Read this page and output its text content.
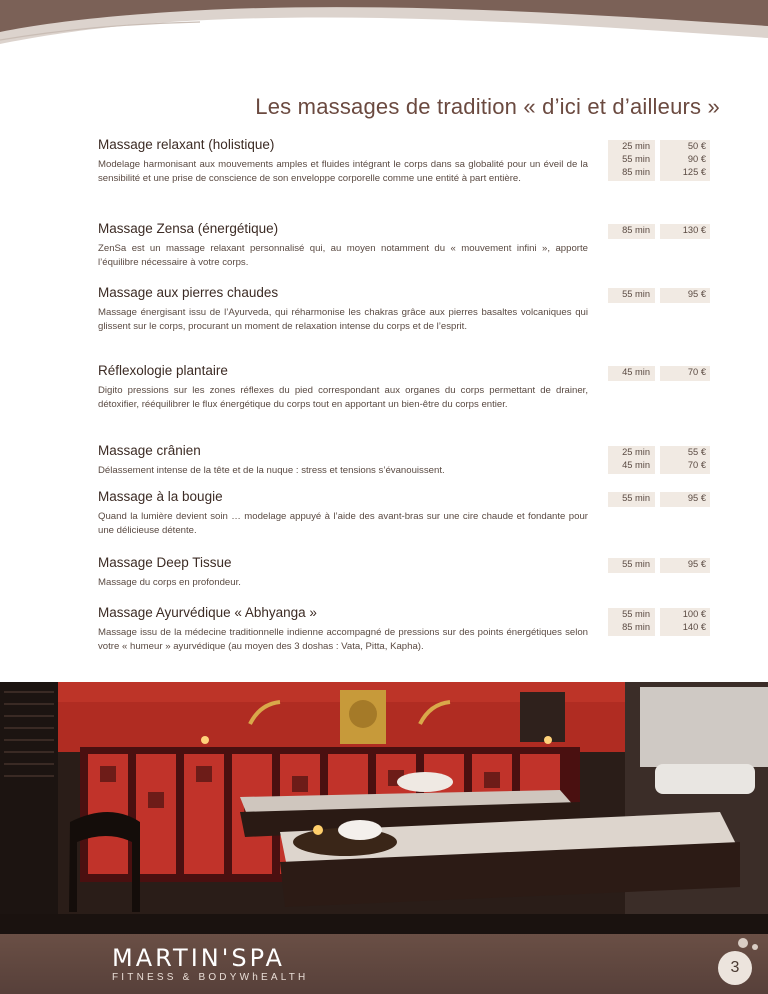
Les massages de tradition « d’ici et d’ailleurs »
Massage relaxant (holistique)

Modelage harmonisant aux mouvements amples et fluides intégrant le corps dans sa globalité pour un éveil de la sensibilité et une prise de conscience de son enveloppe corporelle comme une entité à part entière.

25 min	50 €
55 min	90 €
85 min	125 €
Massage Zensa (énergétique)

ZenSa est un massage relaxant personnalisé qui, au moyen notamment du « mouvement infini », apporte l’équilibre nécessaire à votre corps.

85 min	130 €
Massage aux pierres chaudes

Massage énergisant issu de l’Ayurveda, qui réharmonise les chakras grâce aux pierres basaltes volcaniques qui glissent sur le corps, procurant un moment de relaxation intense du corps et de l’esprit.

55 min	95 €
Réflexologie plantaire

Digito pressions sur les zones réflexes du pied correspondant aux organes du corps permettant de drainer, détoxifier, rééquilibrer le flux énergétique du corps tout en apportant un bien-être du corps entier.

45 min	70 €
Massage crânien

Délassement intense de la tête et de la nuque : stress et tensions s’évanouissent.

25 min	55 €
45 min	70 €
Massage à la bougie

Quand la lumière devient soin … modelage appuyé à l’aide des avant-bras sur une cire chaude et fondante pour une délicieuse détente.

55 min	95 €
Massage Deep Tissue

Massage du corps en profondeur.

55 min	95 €
Massage Ayurvédique « Abhyanga »

Massage issu de la médecine traditionnelle indienne accompagné de pressions sur des points énergétiques selon votre « humeur » ayurvédique (au moyen des 3 doshas : Vata, Pitta, Kapha).

55 min	100 €
85 min	140 €
MARTIN'SPA
FITNESS & BODYWhEALTH
3
